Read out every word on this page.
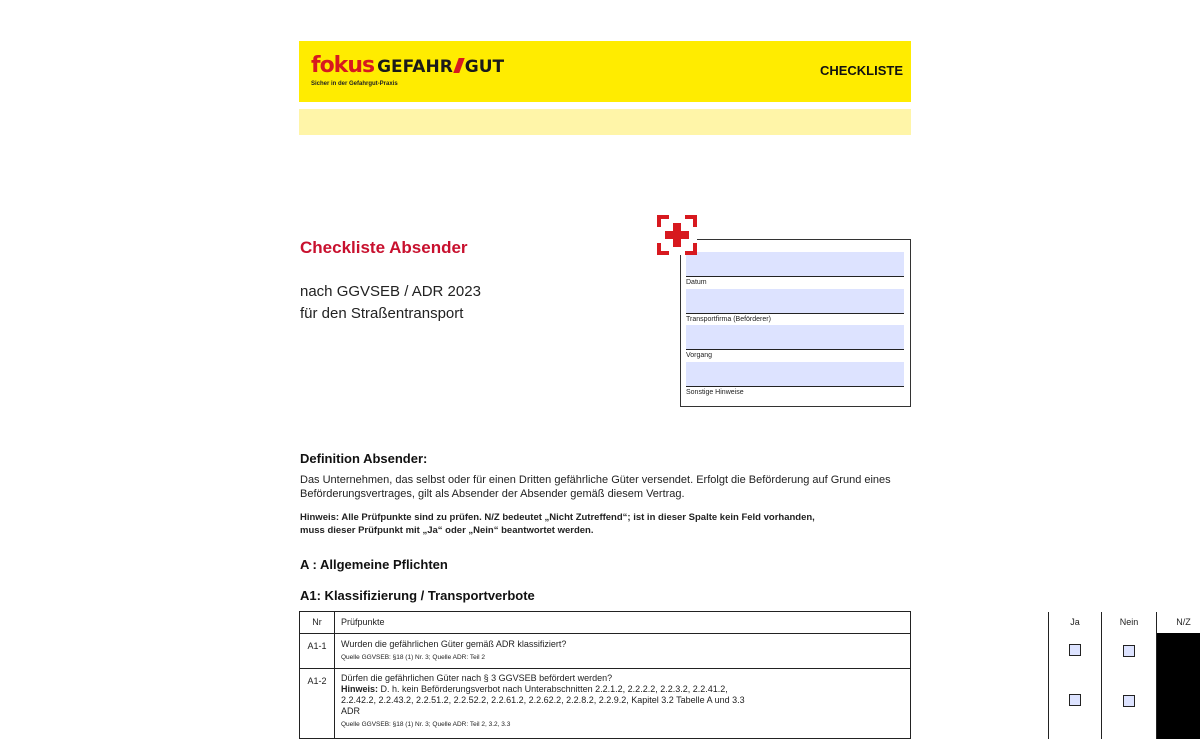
fokus GEFAHR GUT
Sicher in der Gefahrgut-Praxis
CHECKLISTE
Checkliste Absender
nach GGVSEB / ADR 2023
für den Straßentransport
Datum
Transportfirma (Beförderer)
Vorgang
Sonstige Hinweise
Definition Absender:
Das Unternehmen, das selbst oder für einen Dritten gefährliche Güter versendet. Erfolgt die Beförderung auf Grund eines Beförderungsvertrages, gilt als Absender der Absender gemäß diesem Vertrag.
Hinweis: Alle Prüfpunkte sind zu prüfen. N/Z bedeutet „Nicht Zutreffend“; ist in dieser Spalte kein Feld vorhanden,
muss dieser Prüfpunkt mit „Ja“ oder „Nein“ beantwortet werden.
A : Allgemeine Pflichten
A1: Klassifizierung / Transportverbote
Nr	Prüfpunkte	Ja	Nein	N/Z
A1-1	Wurden die gefährlichen Güter gemäß ADR klassifiziert?
Quelle GGVSEB: §18 (1) Nr. 3; Quelle ADR: Teil 2
A1-2	Dürfen die gefährlichen Güter nach § 3 GGVSEB befördert werden?
Hinweis: D. h. kein Beförderungsverbot nach Unterabschnitten 2.2.1.2, 2.2.2.2, 2.2.3.2, 2.2.41.2, 2.2.42.2, 2.2.43.2, 2.2.51.2, 2.2.52.2, 2.2.61.2, 2.2.62.2, 2.2.8.2, 2.2.9.2, Kapitel 3.2 Tabelle A und 3.3 ADR
Quelle GGVSEB: §18 (1) Nr. 3; Quelle ADR: Teil 2, 3.2, 3.3
